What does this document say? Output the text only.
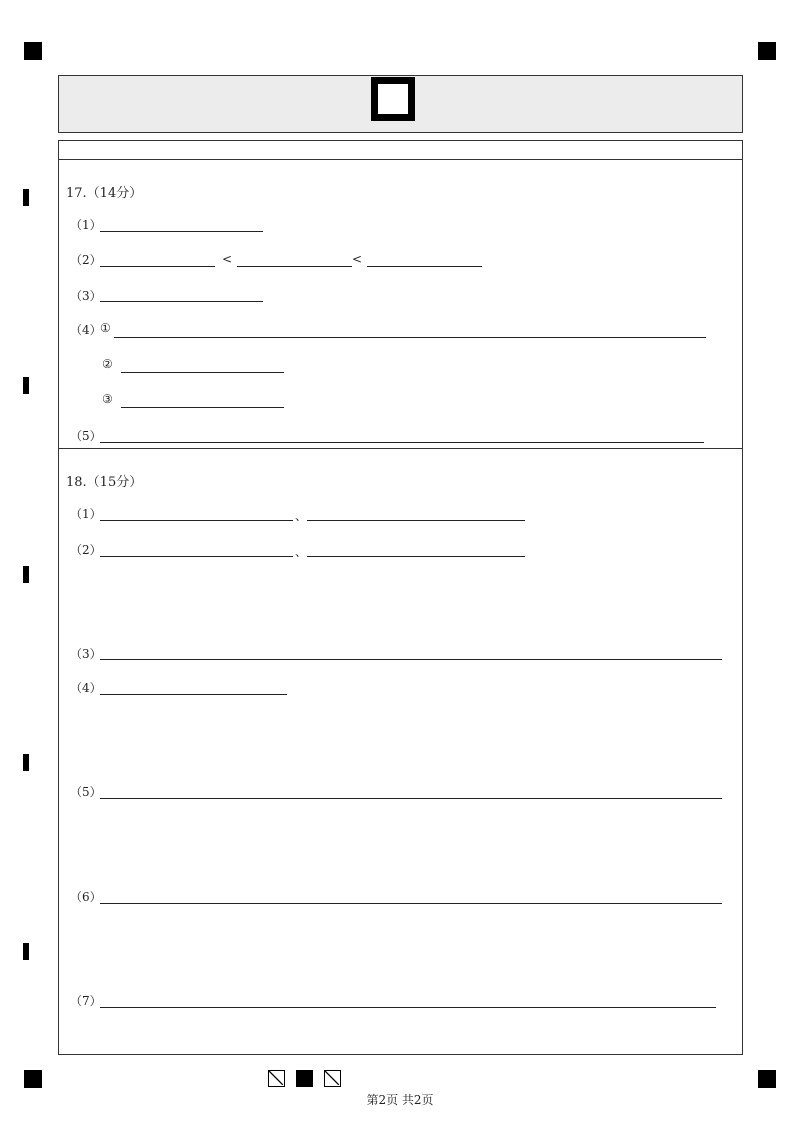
17.（14分）
（1）
（2）	<	<
（3）
（4）
①
②
③
（5）
18.（15分）
（1）	、
（2）	、
（3）
（4）
（5）
（6）
（7）
第2页 共2页
